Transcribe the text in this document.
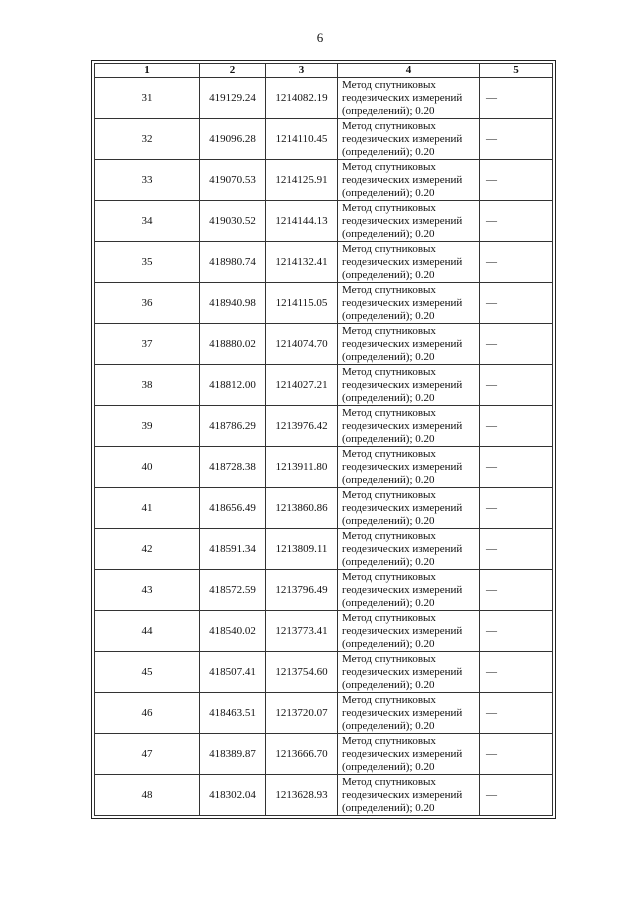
6
1	2	3	4	5
31	419129.24	1214082.19	Метод спутниковых
геодезических измерений
(определений); 0.20	—
32	419096.28	1214110.45	Метод спутниковых
геодезических измерений
(определений); 0.20	—
33	419070.53	1214125.91	Метод спутниковых
геодезических измерений
(определений); 0.20	—
34	419030.52	1214144.13	Метод спутниковых
геодезических измерений
(определений); 0.20	—
35	418980.74	1214132.41	Метод спутниковых
геодезических измерений
(определений); 0.20	—
36	418940.98	1214115.05	Метод спутниковых
геодезических измерений
(определений); 0.20	—
37	418880.02	1214074.70	Метод спутниковых
геодезических измерений
(определений); 0.20	—
38	418812.00	1214027.21	Метод спутниковых
геодезических измерений
(определений); 0.20	—
39	418786.29	1213976.42	Метод спутниковых
геодезических измерений
(определений); 0.20	—
40	418728.38	1213911.80	Метод спутниковых
геодезических измерений
(определений); 0.20	—
41	418656.49	1213860.86	Метод спутниковых
геодезических измерений
(определений); 0.20	—
42	418591.34	1213809.11	Метод спутниковых
геодезических измерений
(определений); 0.20	—
43	418572.59	1213796.49	Метод спутниковых
геодезических измерений
(определений); 0.20	—
44	418540.02	1213773.41	Метод спутниковых
геодезических измерений
(определений); 0.20	—
45	418507.41	1213754.60	Метод спутниковых
геодезических измерений
(определений); 0.20	—
46	418463.51	1213720.07	Метод спутниковых
геодезических измерений
(определений); 0.20	—
47	418389.87	1213666.70	Метод спутниковых
геодезических измерений
(определений); 0.20	—
48	418302.04	1213628.93	Метод спутниковых
геодезических измерений
(определений); 0.20	—
